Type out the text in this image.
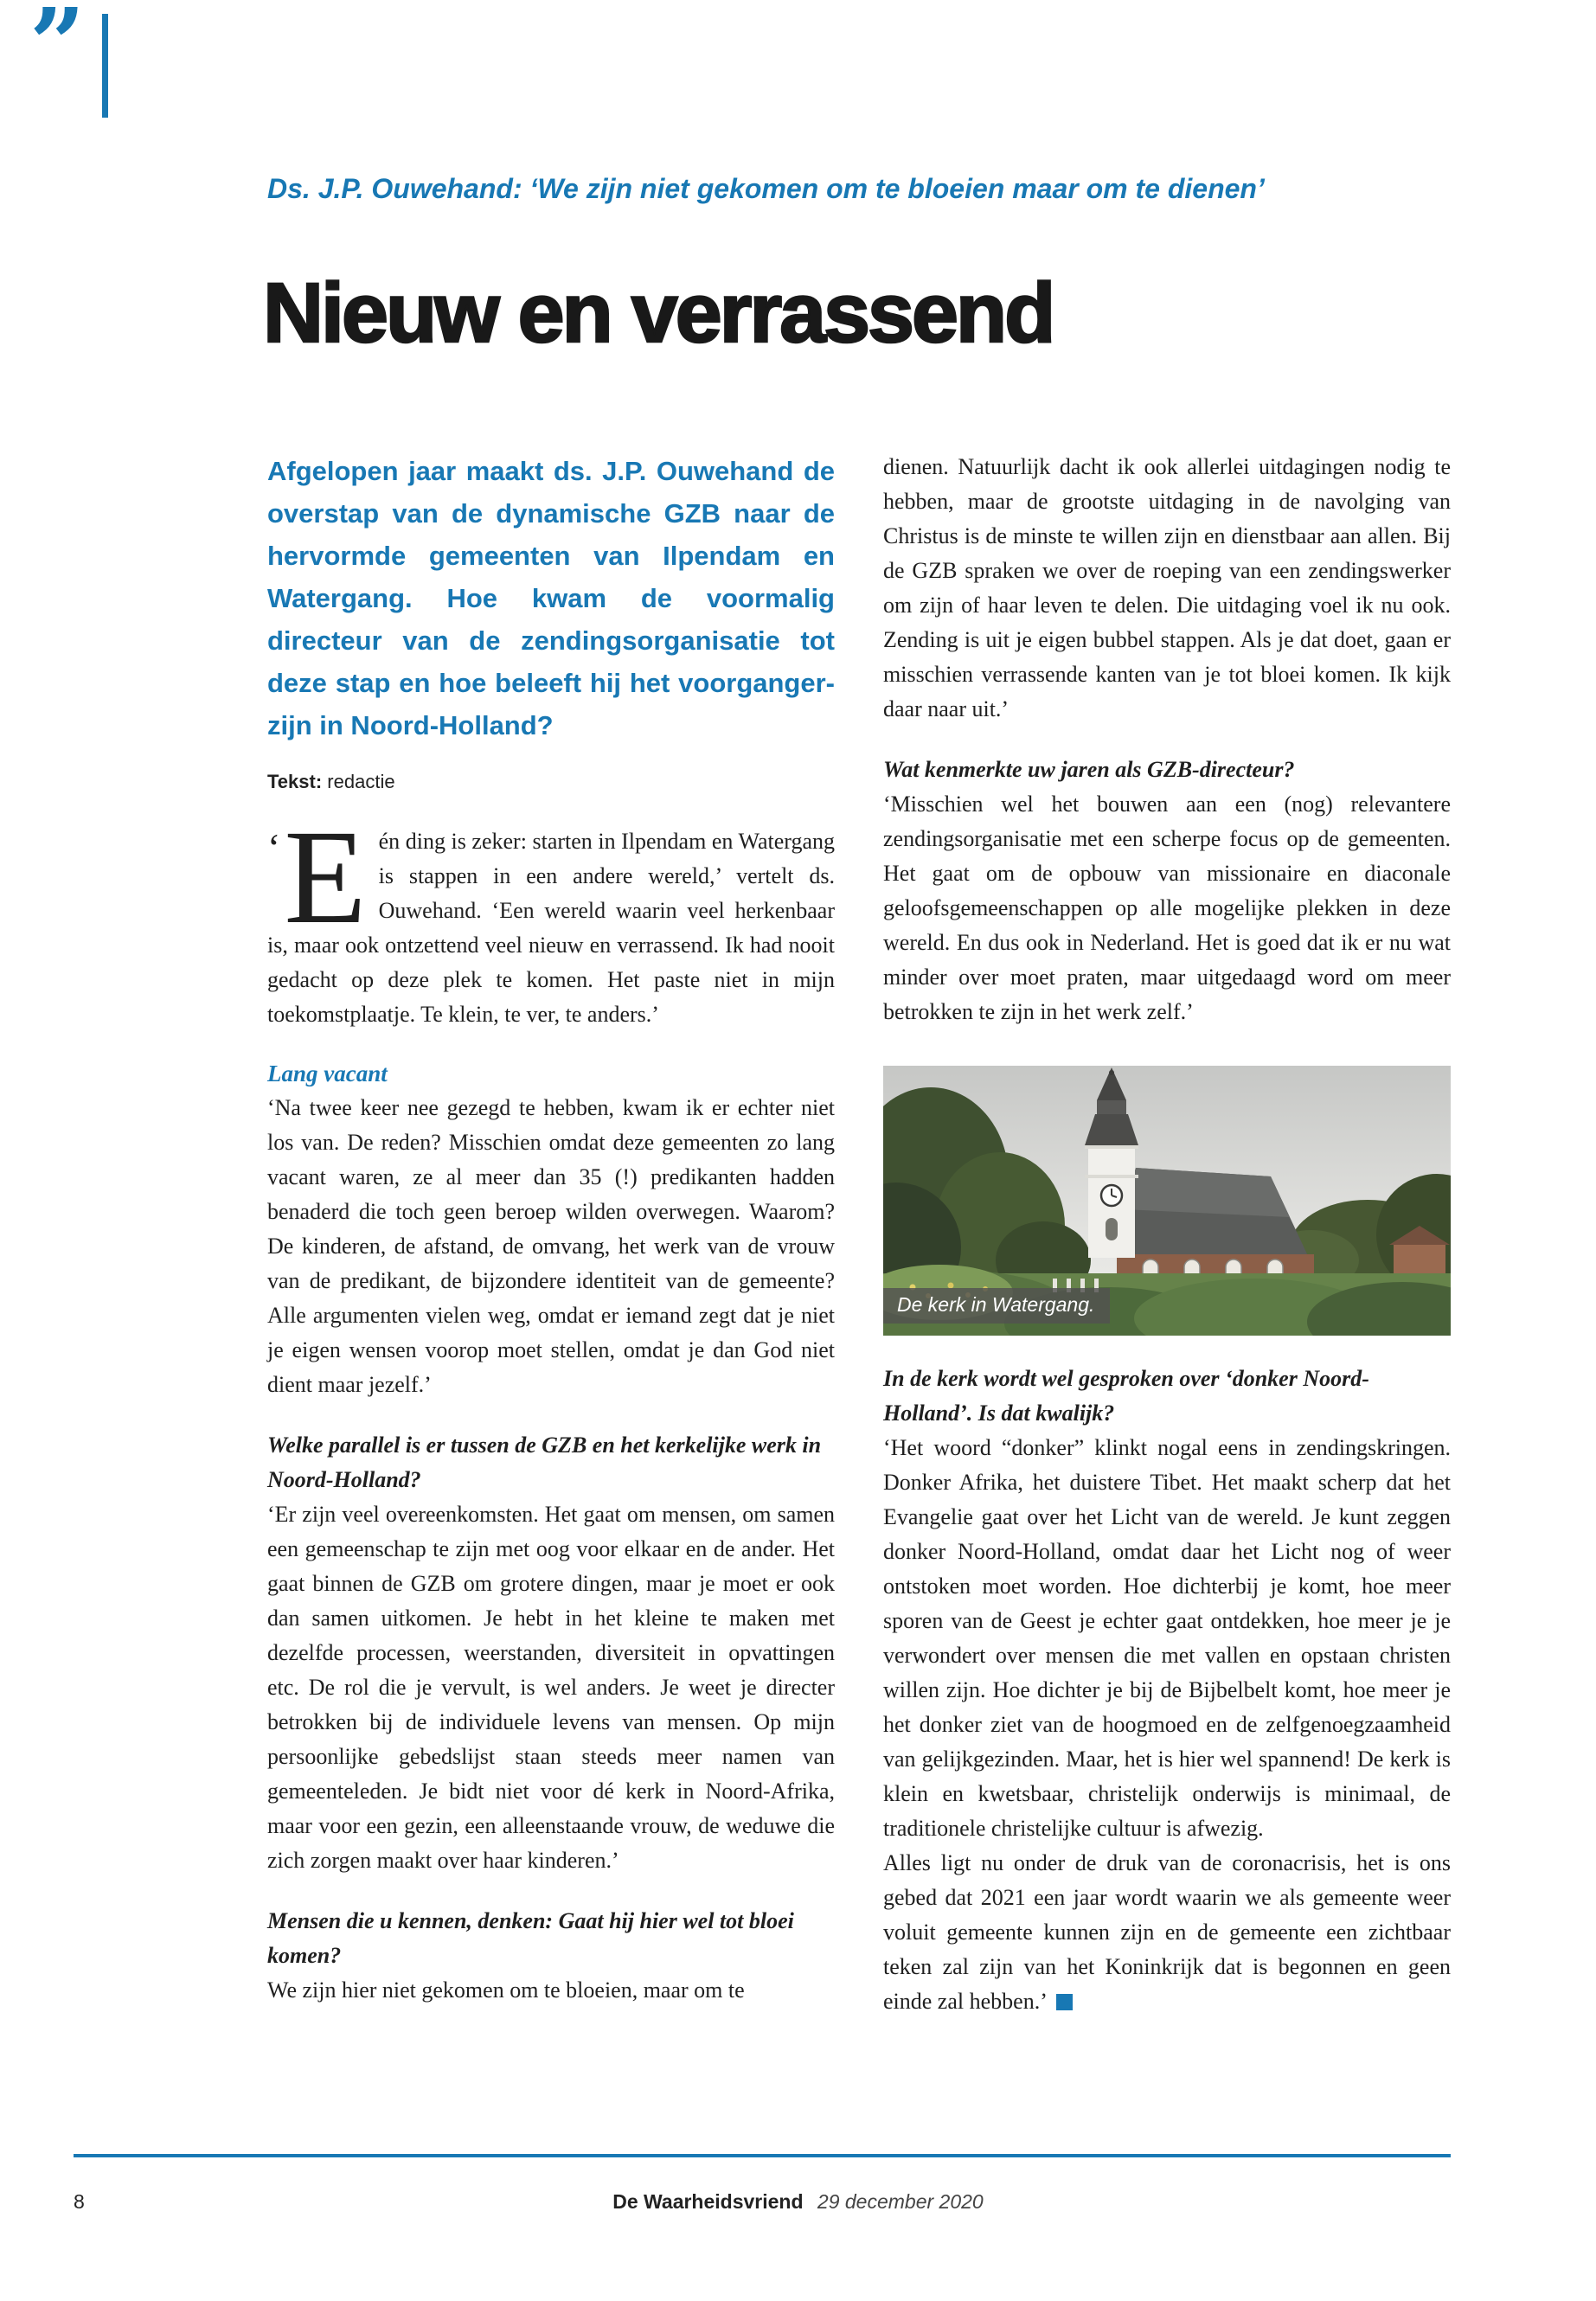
”
Ds. J.P. Ouwehand: ‘We zijn niet gekomen om te bloeien maar om te dienen’
Nieuw en verrassend

Afgelopen jaar maakt ds. J.P. Ouwehand de overstap van de dynamische GZB naar de hervormde gemeenten van Ilpendam en Watergang. Hoe kwam de voormalig directeur van de zendingsorganisatie tot deze stap en hoe beleeft hij het voorganger-zijn in Noord-Holland?

Tekst: redactie

‘E én ding is zeker: starten in Ilpendam en Watergang is stappen in een andere wereld,’ vertelt ds. Ouwehand. ‘Een wereld waarin veel herkenbaar is, maar ook ontzettend veel nieuw en verrassend. Ik had nooit gedacht op deze plek te komen. Het paste niet in mijn toekomstplaatje. Te klein, te ver, te anders.’

Lang vacant

‘Na twee keer nee gezegd te hebben, kwam ik er echter niet los van. De reden? Misschien omdat deze gemeenten zo lang vacant waren, ze al meer dan 35 (!) predikanten hadden benaderd die toch geen beroep wilden overwegen. Waarom? De kinderen, de afstand, de omvang, het werk van de vrouw van de predikant, de bijzondere identiteit van de gemeente? Alle argumenten vielen weg, omdat er iemand zegt dat je niet je eigen wensen voorop moet stellen, omdat je dan God niet dient maar jezelf.’

Welke parallel is er tussen de GZB en het kerkelijke werk in Noord-Holland?

‘Er zijn veel overeenkomsten. Het gaat om mensen, om samen een gemeenschap te zijn met oog voor elkaar en de ander. Het gaat binnen de GZB om grotere dingen, maar je moet er ook dan samen uitkomen. Je hebt in het kleine te maken met dezelfde processen, weerstanden, diversiteit in opvattingen etc. De rol die je vervult, is wel anders. Je weet je directer betrokken bij de individuele levens van mensen. Op mijn persoonlijke gebedslijst staan steeds meer namen van gemeenteleden. Je bidt niet voor dé kerk in Noord-Afrika, maar voor een gezin, een alleenstaande vrouw, de weduwe die zich zorgen maakt over haar kinderen.’

Mensen die u kennen, denken: Gaat hij hier wel tot bloei komen?

We zijn hier niet gekomen om te bloeien, maar om te

dienen. Natuurlijk dacht ik ook allerlei uitdagingen nodig te hebben, maar de grootste uitdaging in de navolging van Christus is de minste te willen zijn en dienstbaar aan allen. Bij de GZB spraken we over de roeping van een zendingswerker om zijn of haar leven te delen. Die uitdaging voel ik nu ook. Zending is uit je eigen bubbel stappen. Als je dat doet, gaan er misschien verrassende kanten van je tot bloei komen. Ik kijk daar naar uit.’

Wat kenmerkte uw jaren als GZB-directeur?

‘Misschien wel het bouwen aan een (nog) relevantere zendingsorganisatie met een scherpe focus op de gemeenten. Het gaat om de opbouw van missionaire en diaconale geloofsgemeenschappen op alle mogelijke plekken in deze wereld. En dus ook in Nederland. Het is goed dat ik er nu wat minder over moet praten, maar uitgedaagd word om meer betrokken te zijn in het werk zelf.’

De kerk in Watergang.

In de kerk wordt wel gesproken over ‘donker Noord-Holland’. Is dat kwalijk?

‘Het woord “donker” klinkt nogal eens in zendingskringen. Donker Afrika, het duistere Tibet. Het maakt scherp dat het Evangelie gaat over het Licht van de wereld. Je kunt zeggen donker Noord-Holland, omdat daar het Licht nog of weer ontstoken moet worden. Hoe dichterbij je komt, hoe meer sporen van de Geest je echter gaat ontdekken, hoe meer je je verwondert over mensen die met vallen en opstaan christen willen zijn. Hoe dichter je bij de Bijbelbelt komt, hoe meer je het donker ziet van de hoogmoed en de zelfgenoegzaamheid van gelijkgezinden. Maar, het is hier wel spannend! De kerk is klein en kwetsbaar, christelijk onderwijs is minimaal, de traditionele christelijke cultuur is afwezig.

Alles ligt nu onder de druk van de coronacrisis, het is ons gebed dat 2021 een jaar wordt waarin we als gemeente weer voluit gemeente kunnen zijn en de gemeente een zichtbaar teken zal zijn van het Koninkrijk dat is begonnen en geen einde zal hebben.’

8	De Waarheidsvriend 29 december 2020
